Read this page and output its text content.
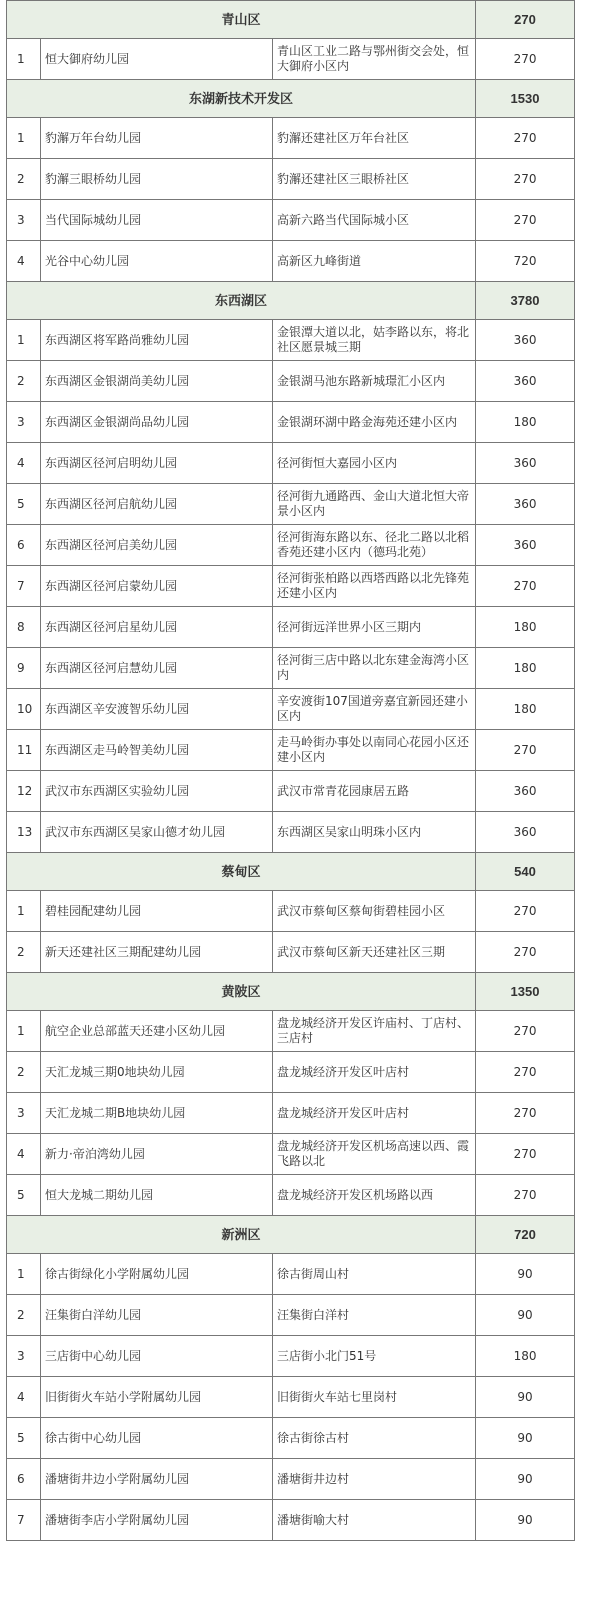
青山区			270
1	恒大御府幼儿园	青山区工业二路与鄂州街交会处，恒大御府小区内	270
东湖新技术开发区			1530
1	豹澥万年台幼儿园	豹澥还建社区万年台社区	270
2	豹澥三眼桥幼儿园	豹澥还建社区三眼桥社区	270
3	当代国际城幼儿园	高新六路当代国际城小区	270
4	光谷中心幼儿园	高新区九峰街道	720
东西湖区			3780
1	东西湖区将军路尚雅幼儿园	金银潭大道以北，姑李路以东，将北社区愿景城三期	360
2	东西湖区金银湖尚美幼儿园	金银湖马池东路新城璟汇小区内	360
3	东西湖区金银湖尚品幼儿园	金银湖环湖中路金海苑还建小区内	180
4	东西湖区径河启明幼儿园	径河街恒大嘉园小区内	360
5	东西湖区径河启航幼儿园	径河街九通路西、金山大道北恒大帝景小区内	360
6	东西湖区径河启美幼儿园	径河街海东路以东、径北二路以北稻香苑还建小区内（德玛北苑）	360
7	东西湖区径河启蒙幼儿园	径河街张柏路以西塔西路以北先锋苑还建小区内	270
8	东西湖区径河启星幼儿园	径河街远洋世界小区三期内	180
9	东西湖区径河启慧幼儿园	径河街三店中路以北东建金海湾小区内	180
10	东西湖区辛安渡智乐幼儿园	辛安渡街107国道旁嘉宜新园还建小区内	180
11	东西湖区走马岭智美幼儿园	走马岭街办事处以南同心花园小区还建小区内	270
12	武汉市东西湖区实验幼儿园	武汉市常青花园康居五路	360
13	武汉市东西湖区吴家山德才幼儿园	东西湖区吴家山明珠小区内	360
蔡甸区			540
1	碧桂园配建幼儿园	武汉市蔡甸区蔡甸街碧桂园小区	270
2	新天还建社区三期配建幼儿园	武汉市蔡甸区新天还建社区三期	270
黄陂区			1350
1	航空企业总部蓝天还建小区幼儿园	盘龙城经济开发区许庙村、丁店村、三店村	270
2	天汇龙城三期0地块幼儿园	盘龙城经济开发区叶店村	270
3	天汇龙城二期B地块幼儿园	盘龙城经济开发区叶店村	270
4	新力·帝泊湾幼儿园	盘龙城经济开发区机场高速以西、霞飞路以北	270
5	恒大龙城二期幼儿园	盘龙城经济开发区机场路以西	270
新洲区			720
1	徐古街绿化小学附属幼儿园	徐古街周山村	90
2	汪集街白洋幼儿园	汪集街白洋村	90
3	三店街中心幼儿园	三店街小北门51号	180
4	旧街街火车站小学附属幼儿园	旧街街火车站七里岗村	90
5	徐古街中心幼儿园	徐古街徐古村	90
6	潘塘街井边小学附属幼儿园	潘塘街井边村	90
7	潘塘街李店小学附属幼儿园	潘塘街喻大村	90
